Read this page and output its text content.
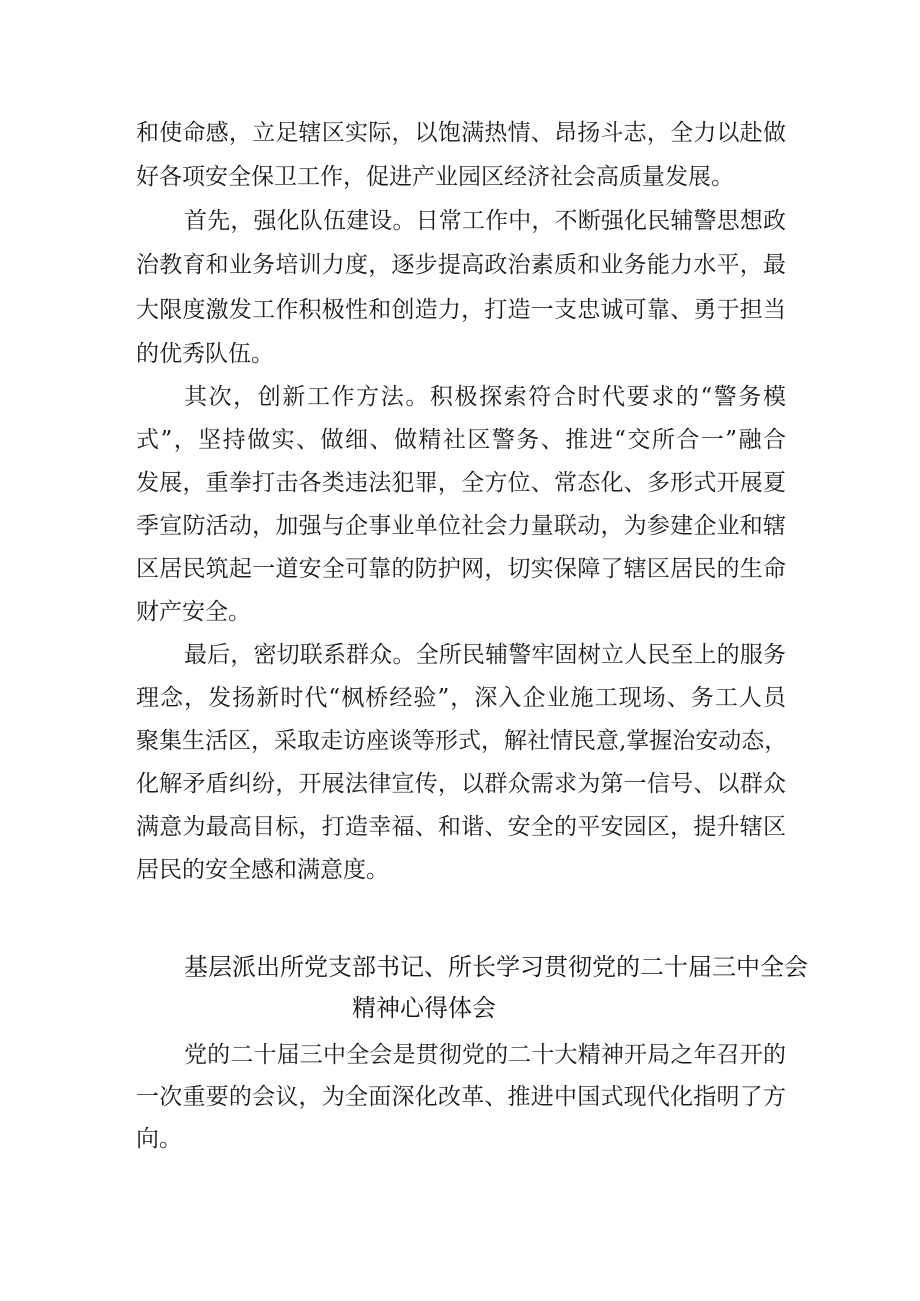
和使命感，立足辖区实际，以饱满热情、昂扬斗志，全力以赴做
好各项安全保卫工作，促进产业园区经济社会高质量发展。
首先，强化队伍建设。日常工作中，不断强化民辅警思想政
治教育和业务培训力度，逐步提高政治素质和业务能力水平，最
大限度激发工作积极性和创造力，打造一支忠诚可靠、勇于担当
的优秀队伍。
其次，创新工作方法。积极探索符合时代要求的“警务模
式”，坚持做实、做细、做精社区警务、推进“交所合一”融合
发展，重拳打击各类违法犯罪，全方位、常态化、多形式开展夏
季宣防活动，加强与企事业单位社会力量联动，为参建企业和辖
区居民筑起一道安全可靠的防护网，切实保障了辖区居民的生命
财产安全。
最后，密切联系群众。全所民辅警牢固树立人民至上的服务
理念，发扬新时代“枫桥经验”，深入企业施工现场、务工人员
聚集生活区，采取走访座谈等形式，解社情民意,掌握治安动态，
化解矛盾纠纷，开展法律宣传，以群众需求为第一信号、以群众
满意为最高目标，打造幸福、和谐、安全的平安园区，提升辖区
居民的安全感和满意度。
基层派出所党支部书记、所长学习贯彻党的二十届三中全会
精神心得体会
党的二十届三中全会是贯彻党的二十大精神开局之年召开的
一次重要的会议，为全面深化改革、推进中国式现代化指明了方
向。
